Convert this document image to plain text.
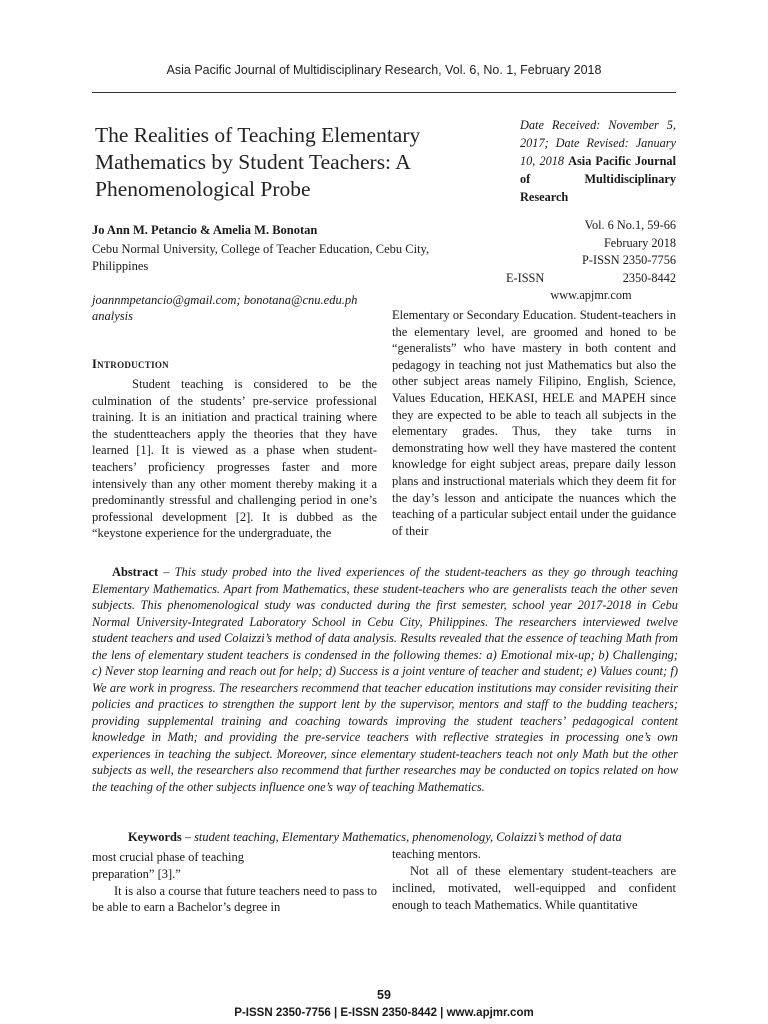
Asia Pacific Journal of Multidisciplinary Research, Vol. 6, No. 1, February 2018
The Realities of Teaching Elementary Mathematics by Student Teachers: A Phenomenological Probe
Date Received: November 5, 2017; Date Revised: January 10, 2018 Asia Pacific Journal of Multidisciplinary Research
Vol. 6 No.1, 59-66
February 2018
P-ISSN 2350-7756
E-ISSN	2350-8442
www.apjmr.com
Jo Ann M. Petancio & Amelia M. Bonotan
Cebu Normal University, College of Teacher Education, Cebu City,
Philippines
joannmpetancio@gmail.com; bonotana@cnu.edu.ph
analysis
Introduction

Student teaching is considered to be the culmination of the students’ pre-service professional training. It is an initiation and practical training where the studentteachers apply the theories that they have learned [1]. It is viewed as a phase when student-teachers’ proficiency progresses faster and more intensively than any other moment thereby making it a predominantly stressful and challenging period in one’s professional development [2]. It is dubbed as the “keystone experience for the undergraduate, the

Elementary or Secondary Education. Student-teachers in the elementary level, are groomed and honed to be “generalists” who have mastery in both content and pedagogy in teaching not just Mathematics but also the other subject areas namely Filipino, English, Science, Values Education, HEKASI, HELE and MAPEH since they are expected to be able to teach all subjects in the elementary grades. Thus, they take turns in demonstrating how well they have mastered the content knowledge for eight subject areas, prepare daily lesson plans and instructional materials which they deem fit for the day’s lesson and anticipate the nuances which the teaching of a particular subject entail under the guidance of their

Abstract – This study probed into the lived experiences of the student-teachers as they go through teaching Elementary Mathematics. Apart from Mathematics, these student-teachers who are generalists teach the other seven subjects. This phenomenological study was conducted during the first semester, school year 2017-2018 in Cebu Normal University-Integrated Laboratory School in Cebu City, Philippines. The researchers interviewed twelve student teachers and used Colaizzi’s method of data analysis. Results revealed that the essence of teaching Math from the lens of elementary student teachers is condensed in the following themes: a) Emotional mix-up; b) Challenging; c) Never stop learning and reach out for help; d) Success is a joint venture of teacher and student; e) Values count; f) We are work in progress. The researchers recommend that teacher education institutions may consider revisiting their policies and practices to strengthen the support lent by the supervisor, mentors and staff to the budding teachers; providing supplemental training and coaching towards improving the student teachers’ pedagogical content knowledge in Math; and providing the pre-service teachers with reflective strategies in processing one’s own experiences in teaching the subject. Moreover, since elementary student-teachers teach not only Math but the other subjects as well, the researchers also recommend that further researches may be conducted on topics related on how the teaching of the other subjects influence one’s way of teaching Mathematics.

Keywords – student teaching, Elementary Mathematics, phenomenology, Colaizzi’s method of data

most crucial phase of teaching

preparation” [3].”

It is also a course that future teachers need to pass to be able to earn a Bachelor’s degree in

teaching mentors.

Not all of these elementary student-teachers are inclined, motivated, well-equipped and confident enough to teach Mathematics. While quantitative

59
P-ISSN 2350-7756 | E-ISSN 2350-8442 | www.apjmr.com
